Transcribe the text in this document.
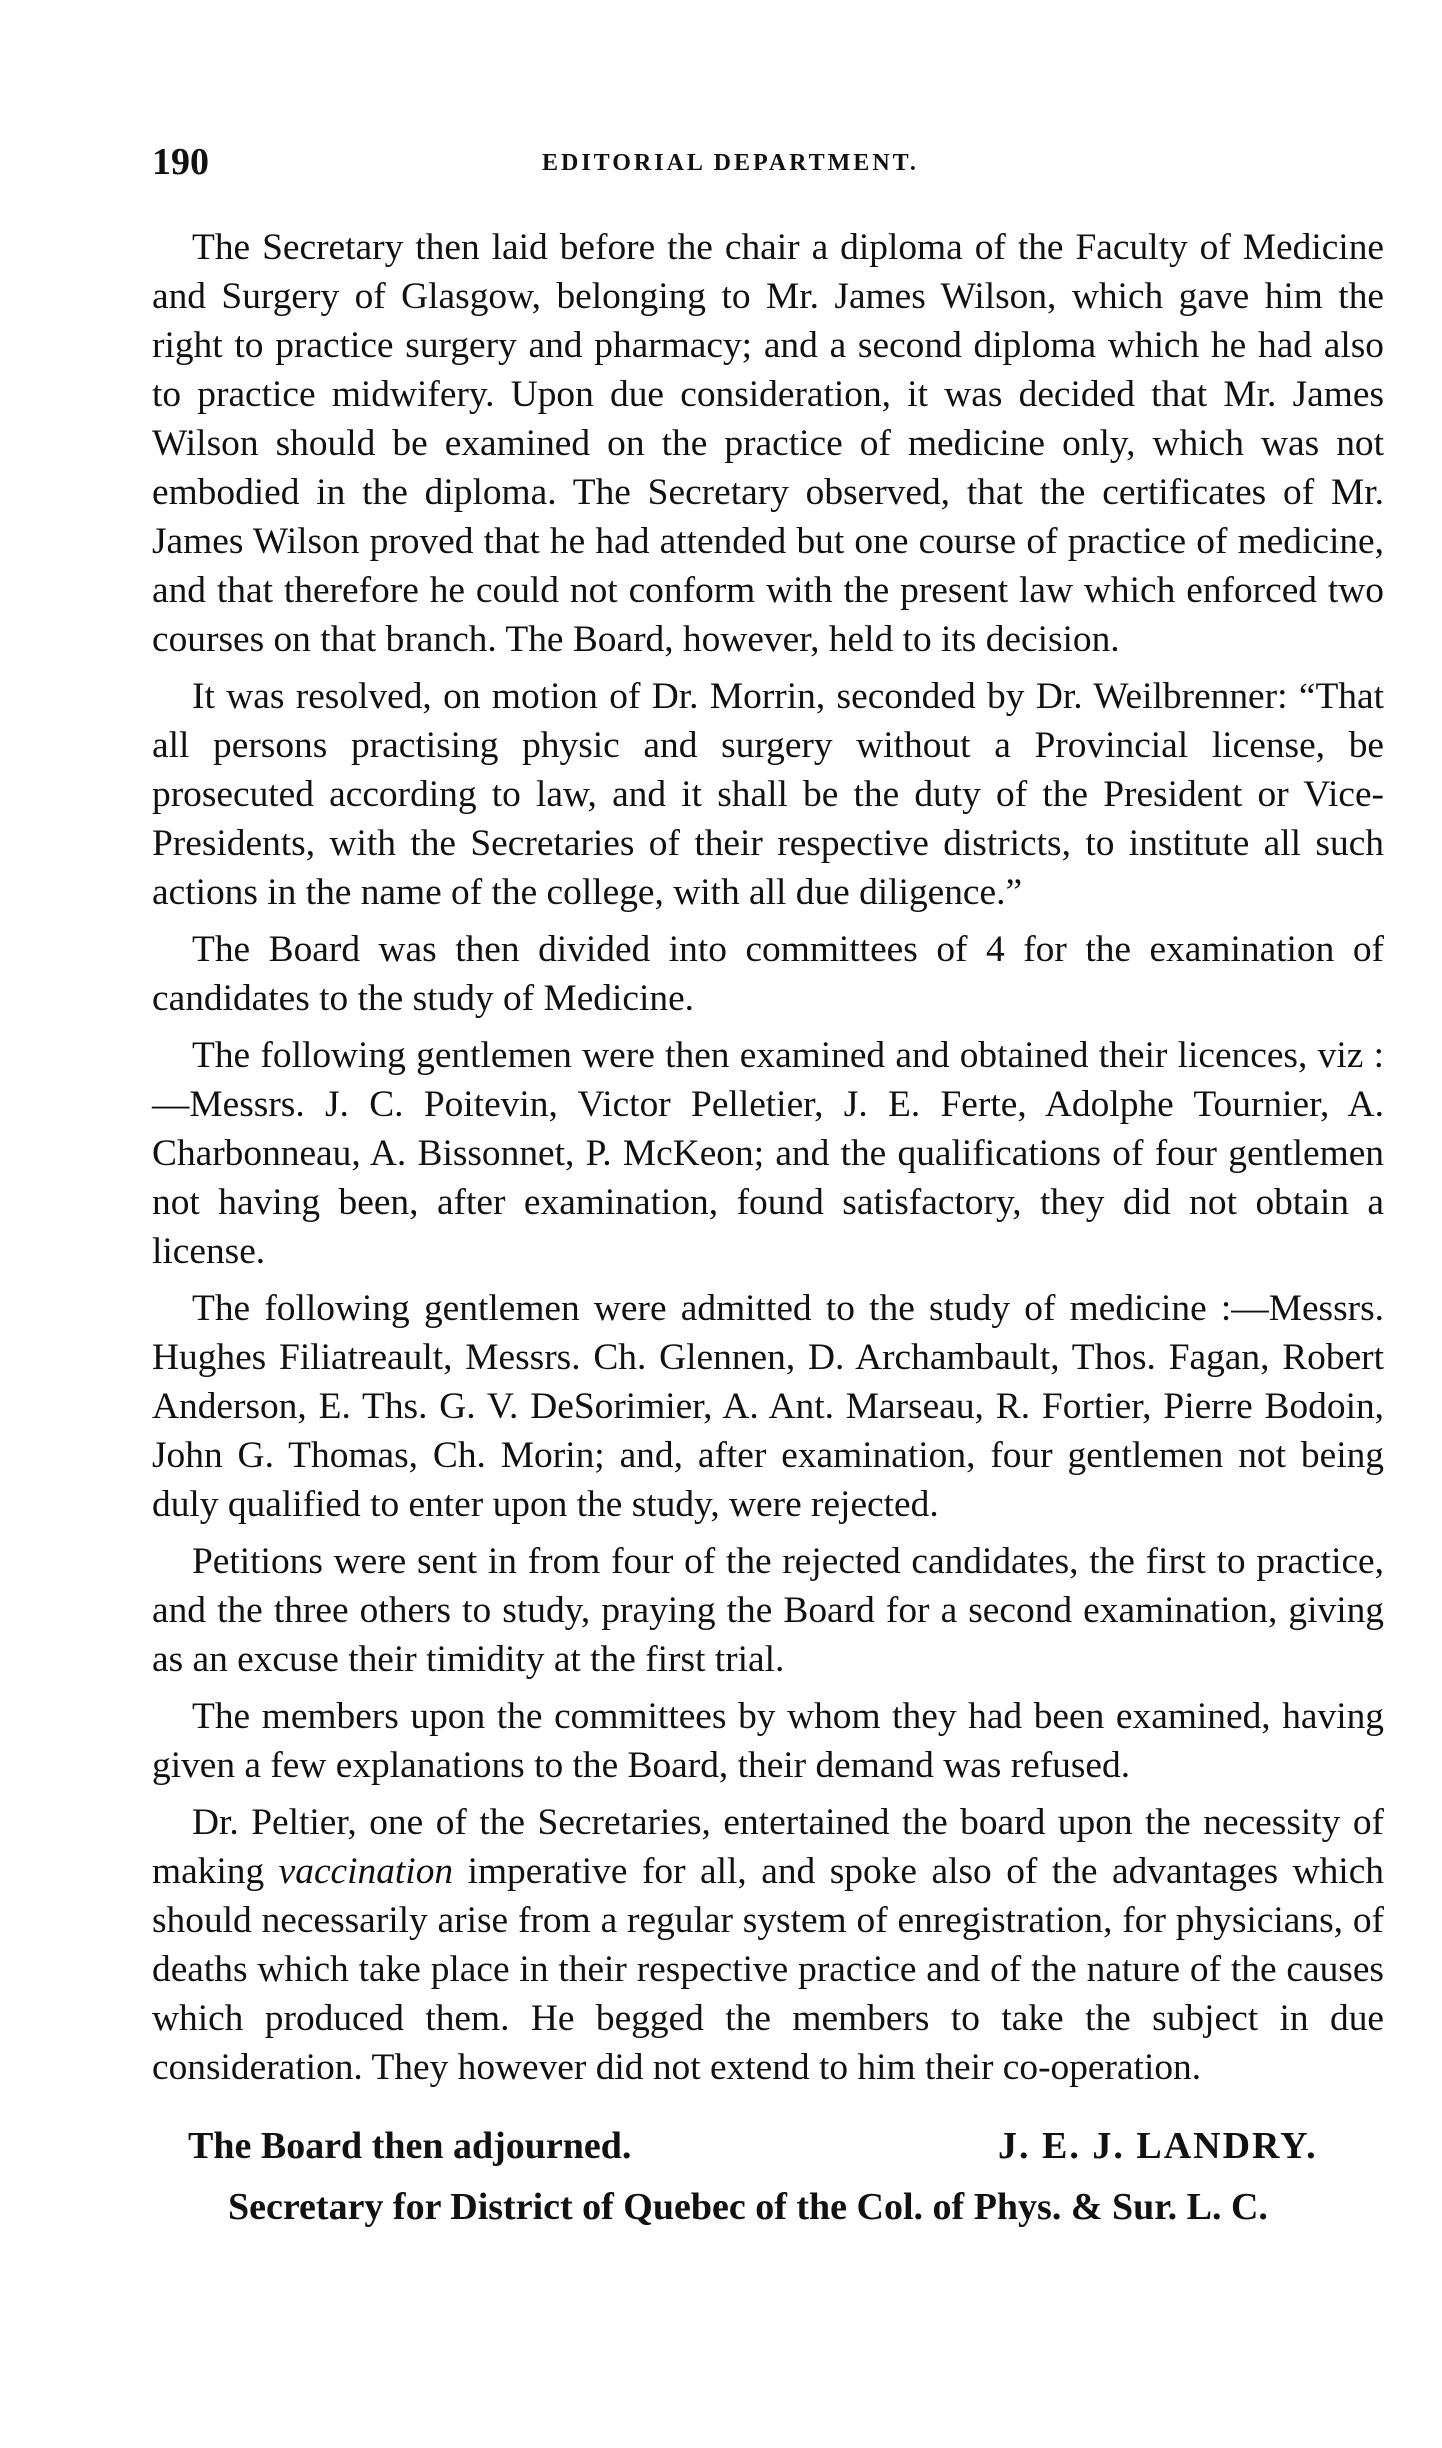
190	EDITORIAL DEPARTMENT.

The Secretary then laid before the chair a diploma of the Faculty of Medicine and Surgery of Glasgow, belonging to Mr. James Wilson, which gave him the right to practice surgery and pharmacy; and a second diploma which he had also to practice midwifery. Upon due consideration, it was decided that Mr. James Wilson should be examined on the practice of medicine only, which was not embodied in the diploma. The Secretary observed, that the certificates of Mr. James Wilson proved that he had attended but one course of practice of medicine, and that therefore he could not conform with the present law which enforced two courses on that branch. The Board, however, held to its decision.

It was resolved, on motion of Dr. Morrin, seconded by Dr. Weilbrenner: “That all persons practising physic and surgery without a Provincial license, be prosecuted according to law, and it shall be the duty of the President or Vice-Presidents, with the Secretaries of their respective districts, to institute all such actions in the name of the college, with all due diligence.”

The Board was then divided into committees of 4 for the examination of candidates to the study of Medicine.

The following gentlemen were then examined and obtained their licences, viz :—Messrs. J. C. Poitevin, Victor Pelletier, J. E. Ferte, Adolphe Tournier, A. Charbonneau, A. Bissonnet, P. McKeon; and the qualifications of four gentlemen not having been, after examination, found satisfactory, they did not obtain a license.

The following gentlemen were admitted to the study of medicine :—Messrs. Hughes Filiatreault, Messrs. Ch. Glennen, D. Archambault, Thos. Fagan, Robert Anderson, E. Ths. G. V. DeSorimier, A. Ant. Marseau, R. Fortier, Pierre Bodoin, John G. Thomas, Ch. Morin; and, after examination, four gentlemen not being duly qualified to enter upon the study, were rejected.

Petitions were sent in from four of the rejected candidates, the first to practice, and the three others to study, praying the Board for a second examination, giving as an excuse their timidity at the first trial.

The members upon the committees by whom they had been examined, having given a few explanations to the Board, their demand was refused.

Dr. Peltier, one of the Secretaries, entertained the board upon the necessity of making vaccination imperative for all, and spoke also of the advantages which should necessarily arise from a regular system of enregistration, for physicians, of deaths which take place in their respective practice and of the nature of the causes which produced them. He begged the members to take the subject in due consideration. They however did not extend to him their co-operation.

The Board then adjourned.	J. E. J. LANDRY.
Secretary for District of Quebec of the Col. of Phys. & Sur. L. C.
